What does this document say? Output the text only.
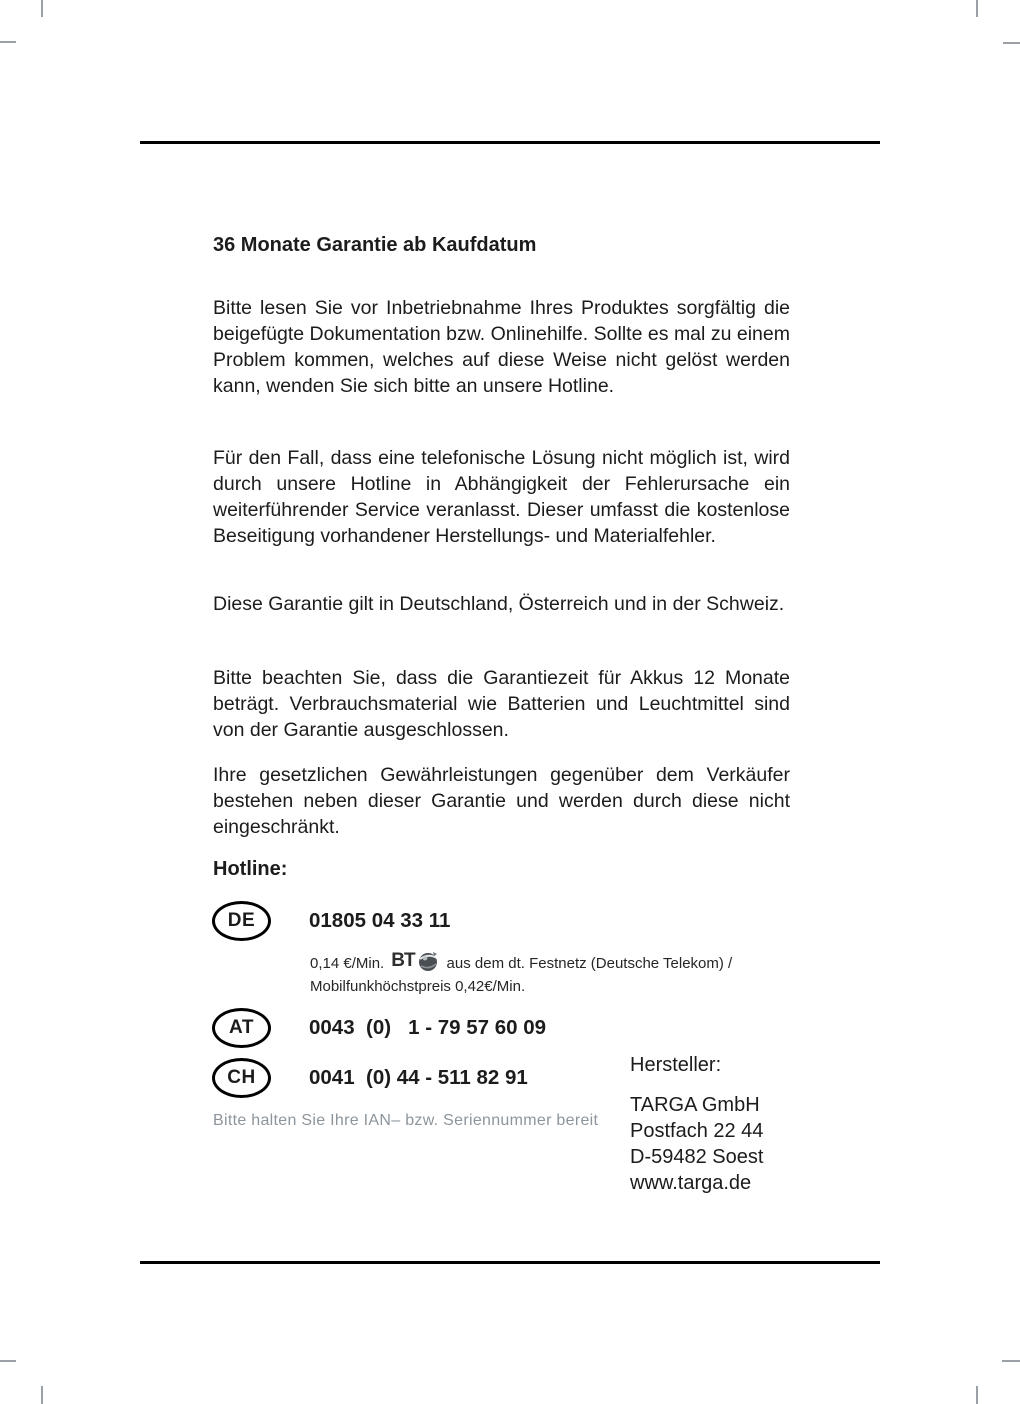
36 Monate Garantie ab Kaufdatum

Bitte lesen Sie vor Inbetriebnahme Ihres Produktes sorgfältig die beigefügte Dokumentation bzw. Onlinehilfe. Sollte es mal zu einem Problem kommen, welches auf diese Weise nicht gelöst werden kann, wenden Sie sich bitte an unsere Hotline.

Für den Fall, dass eine telefonische Lösung nicht möglich ist, wird durch unsere Hotline in Abhängigkeit der Fehlerursache ein weiterführender Service veranlasst. Dieser umfasst die kostenlose Beseitigung vorhandener Herstellungs- und Materialfehler.

Diese Garantie gilt in Deutschland, Österreich und in der Schweiz.

Bitte beachten Sie, dass die Garantiezeit für Akkus 12 Monate beträgt. Verbrauchsmaterial wie Batterien und Leuchtmittel sind von der Garantie ausgeschlossen.

Ihre gesetzlichen Gewährleistungen gegenüber dem Verkäufer bestehen neben dieser Garantie und werden durch diese nicht eingeschränkt.

Hotline:
DE	01805 04 33 11
0,14 €/Min. BT aus dem dt. Festnetz (Deutsche Telekom) /
Mobilfunkhöchstpreis 0,42€/Min.
AT	0043  (0)   1 - 79 57 60 09
CH	0041  (0) 44 - 511 82 91
Bitte halten Sie Ihre IAN– bzw. Seriennummer bereit
Hersteller:
TARGA GmbH
Postfach 22 44
D-59482 Soest
www.targa.de
